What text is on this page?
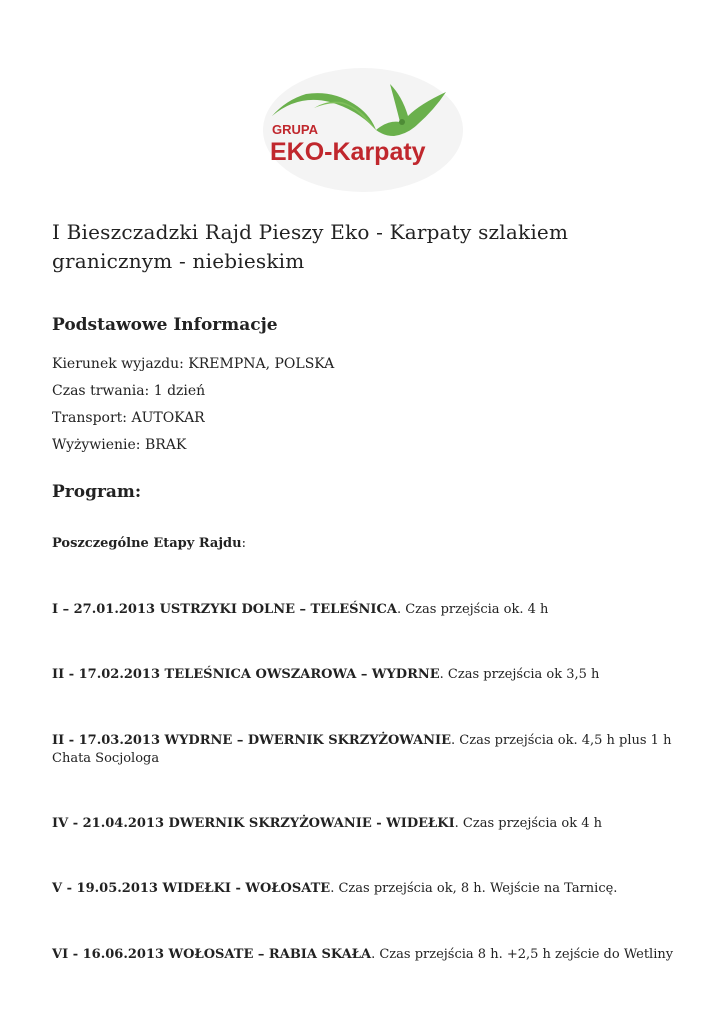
GRUPA
EKO-Karpaty
I Bieszczadzki Rajd Pieszy Eko - Karpaty szlakiem granicznym - niebieskim
Podstawowe Informacje

Kierunek wyjazdu: KREMPNA, POLSKA

Czas trwania: 1 dzień

Transport: AUTOKAR

Wyżywienie: BRAK

Program:

Poszczególne Etapy Rajdu:

I – 27.01.2013 USTRZYKI DOLNE – TELEŚNICA. Czas przejścia ok. 4 h

II - 17.02.2013 TELEŚNICA OWSZAROWA – WYDRNE. Czas przejścia ok 3,5 h

II - 17.03.2013 WYDRNE – DWERNIK SKRZYŻOWANIE. Czas przejścia ok. 4,5 h plus 1 h Chata Socjologa

IV - 21.04.2013 DWERNIK SKRZYŻOWANIE - WIDEŁKI. Czas przejścia ok 4 h

V - 19.05.2013 WIDEŁKI - WOŁOSATE. Czas przejścia ok, 8 h. Wejście na Tarnicę.

VI - 16.06.2013 WOŁOSATE – RABIA SKAŁA. Czas przejścia 8 h. +2,5 h zejście do Wetliny
